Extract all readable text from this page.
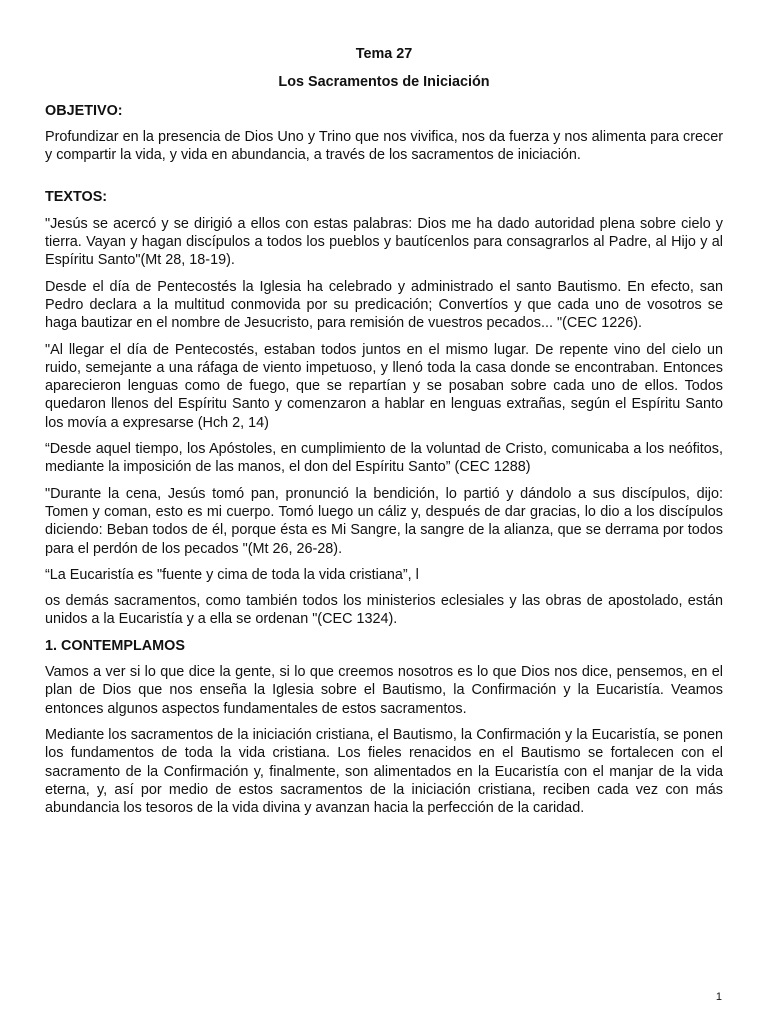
Tema 27

Los Sacramentos de Iniciación

OBJETIVO:

Profundizar en la presencia de Dios Uno y Trino que nos vivifica, nos da fuerza y nos alimenta para crecer y compartir la vida, y vida en abundancia, a través de los sacramentos de iniciación.

TEXTOS:

"Jesús se acercó y se dirigió a ellos con estas palabras: Dios me ha dado autoridad plena sobre cielo y tierra. Vayan y hagan discípulos a todos los pueblos y bautícenlos para consagrarlos al Padre, al Hijo y al Espíritu Santo"(Mt 28, 18-19).

Desde el día de Pentecostés la Iglesia ha celebrado y administrado el santo Bautismo. En efecto, san Pedro declara a la multitud conmovida por su predicación; Convertíos y que cada uno de vosotros se haga bautizar en el nombre de Jesucristo, para remisión de vuestros pecados... "(CEC 1226).

"Al llegar el día de Pentecostés, estaban todos juntos en el mismo lugar. De repente vino del cielo un ruido, semejante a una ráfaga de viento impetuoso, y llenó toda la casa donde se encontraban. Entonces aparecieron lenguas como de fuego, que se repartían y se posaban sobre cada uno de ellos. Todos quedaron llenos del Espíritu Santo y comenzaron a hablar en lenguas extrañas, según el Espíritu Santo los movía a expresarse (Hch 2, 14)

“Desde aquel tiempo, los Apóstoles, en cumplimiento de la voluntad de Cristo, comunicaba a los neófitos, mediante la imposición de las manos, el don del Espíritu Santo” (CEC 1288)

"Durante la cena, Jesús tomó pan, pronunció la bendición, lo partió y dándolo a sus discípulos, dijo: Tomen y coman, esto es mi cuerpo. Tomó luego un cáliz y, después de dar gracias, lo dio a los discípulos diciendo: Beban todos de él, porque ésta es Mi Sangre, la sangre de la alianza, que se derrama por todos para el perdón de los pecados "(Mt 26, 26-28).

“La Eucaristía es "fuente y cima de toda la vida cristiana”, l

os demás sacramentos, como también todos los ministerios eclesiales y las obras de apostolado, están unidos a la Eucaristía y a ella se ordenan "(CEC 1324).

1. CONTEMPLAMOS

Vamos a ver si lo que dice la gente, si lo que creemos nosotros es lo que Dios nos dice, pensemos, en el plan de Dios que nos enseña la Iglesia sobre el Bautismo, la Confirmación y la Eucaristía. Veamos entonces algunos aspectos fundamentales de estos sacramentos.

Mediante los sacramentos de la iniciación cristiana, el Bautismo, la Confirmación y la Eucaristía, se ponen los fundamentos de toda la vida cristiana. Los fieles renacidos en el Bautismo se fortalecen con el sacramento de la Confirmación y, finalmente, son alimentados en la Eucaristía con el manjar de la vida eterna, y, así por medio de estos sacramentos de la iniciación cristiana, reciben cada vez con más abundancia los tesoros de la vida divina y avanzan hacia la perfección de la caridad.

1
